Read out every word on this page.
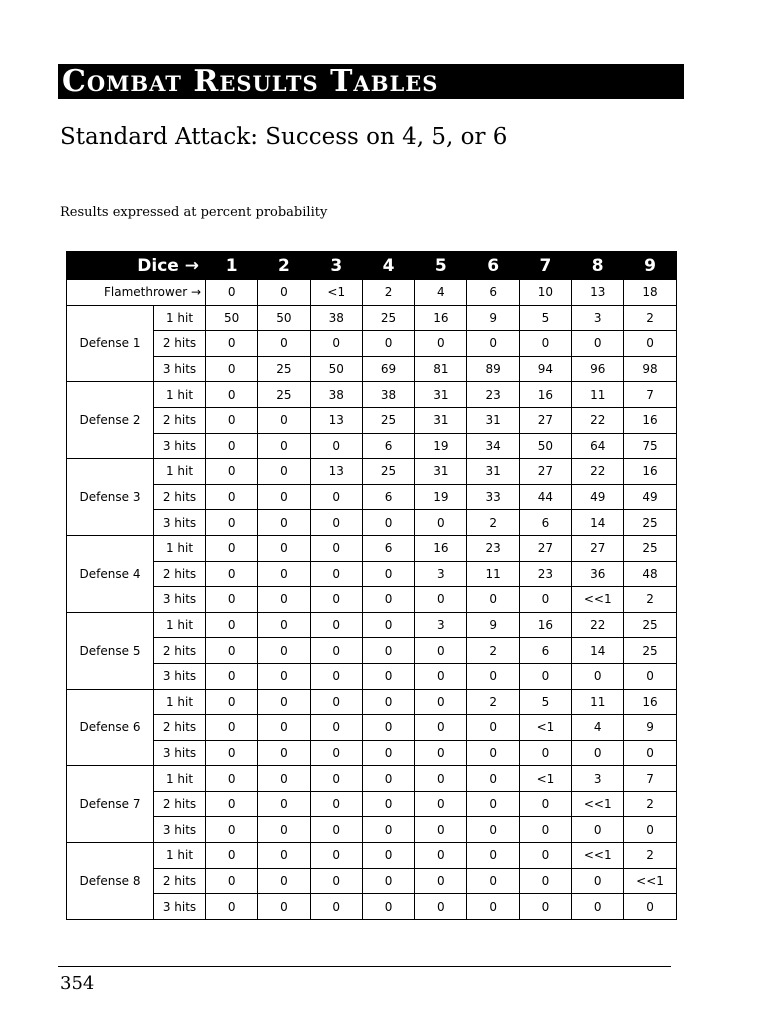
Combat Results Tables
Standard Attack: Success on 4, 5, or 6
Results expressed at percent probability
Dice →		1	2	3	4	5	6	7	8	9
Flamethrower →		0	0	<1	2	4	6	10	13	18
Defense 1	1 hit	50	50	38	25	16	9	5	3	2
	2 hits	0	0	0	0	0	0	0	0	0
	3 hits	0	25	50	69	81	89	94	96	98
Defense 2	1 hit	0	25	38	38	31	23	16	11	7
	2 hits	0	0	13	25	31	31	27	22	16
	3 hits	0	0	0	6	19	34	50	64	75
Defense 3	1 hit	0	0	13	25	31	31	27	22	16
	2 hits	0	0	0	6	19	33	44	49	49
	3 hits	0	0	0	0	0	2	6	14	25
Defense 4	1 hit	0	0	0	6	16	23	27	27	25
	2 hits	0	0	0	0	3	11	23	36	48
	3 hits	0	0	0	0	0	0	0	<<1	2
Defense 5	1 hit	0	0	0	0	3	9	16	22	25
	2 hits	0	0	0	0	0	2	6	14	25
	3 hits	0	0	0	0	0	0	0	0	0
Defense 6	1 hit	0	0	0	0	0	2	5	11	16
	2 hits	0	0	0	0	0	0	<1	4	9
	3 hits	0	0	0	0	0	0	0	0	0
Defense 7	1 hit	0	0	0	0	0	0	<1	3	7
	2 hits	0	0	0	0	0	0	0	<<1	2
	3 hits	0	0	0	0	0	0	0	0	0
Defense 8	1 hit	0	0	0	0	0	0	0	<<1	2
	2 hits	0	0	0	0	0	0	0	0	<<1
	3 hits	0	0	0	0	0	0	0	0	0
354
